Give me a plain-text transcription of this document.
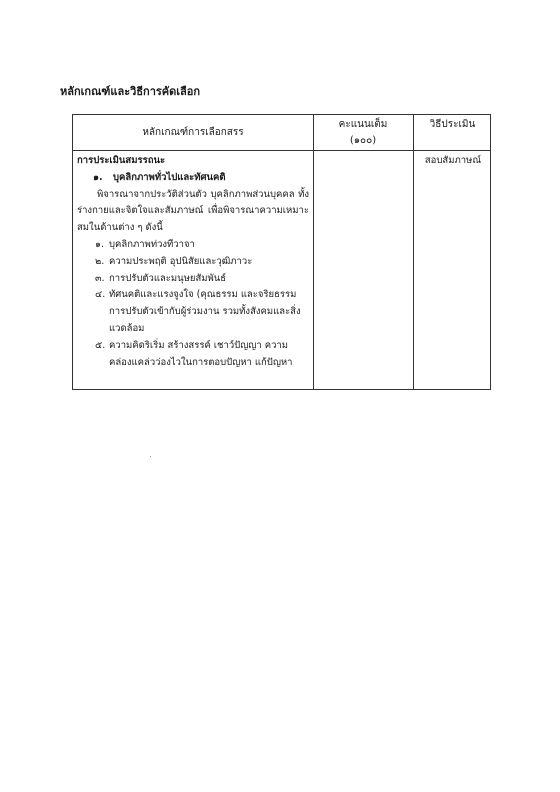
หลักเกณฑ์และวิธีการคัดเลือก
หลักเกณฑ์การเลือกสรร
คะแนนเต็ม
(๑๐๐)
วิธีประเมิน
การประเมินสมรรถนะ
๑. บุคลิกภาพทั่วไปและทัศนคติ
พิจารณาจากประวัติส่วนตัว บุคลิกภาพส่วนบุคคล ทั้งร่างกายและจิตใจและสัมภาษณ์ เพื่อพิจารณาความเหมาะสมในด้านต่าง ๆ ดังนี้
๑. บุคลิกภาพท่วงทีวาจา
๒. ความประพฤติ อุปนิสัยและวุฒิภาวะ
๓. การปรับตัวและมนุษยสัมพันธ์
๔. ทัศนคติและแรงจูงใจ (คุณธรรม และจริยธรรม การปรับตัวเข้ากับผู้ร่วมงาน รวมทั้งสังคมและสิ่งแวดล้อม
๕. ความคิดริเริ่ม สร้างสรรค์ เชาว์ปัญญา ความคล่องแคล่วว่องไวในการตอบปัญหา แก้ปัญหา
สอบสัมภาษณ์
